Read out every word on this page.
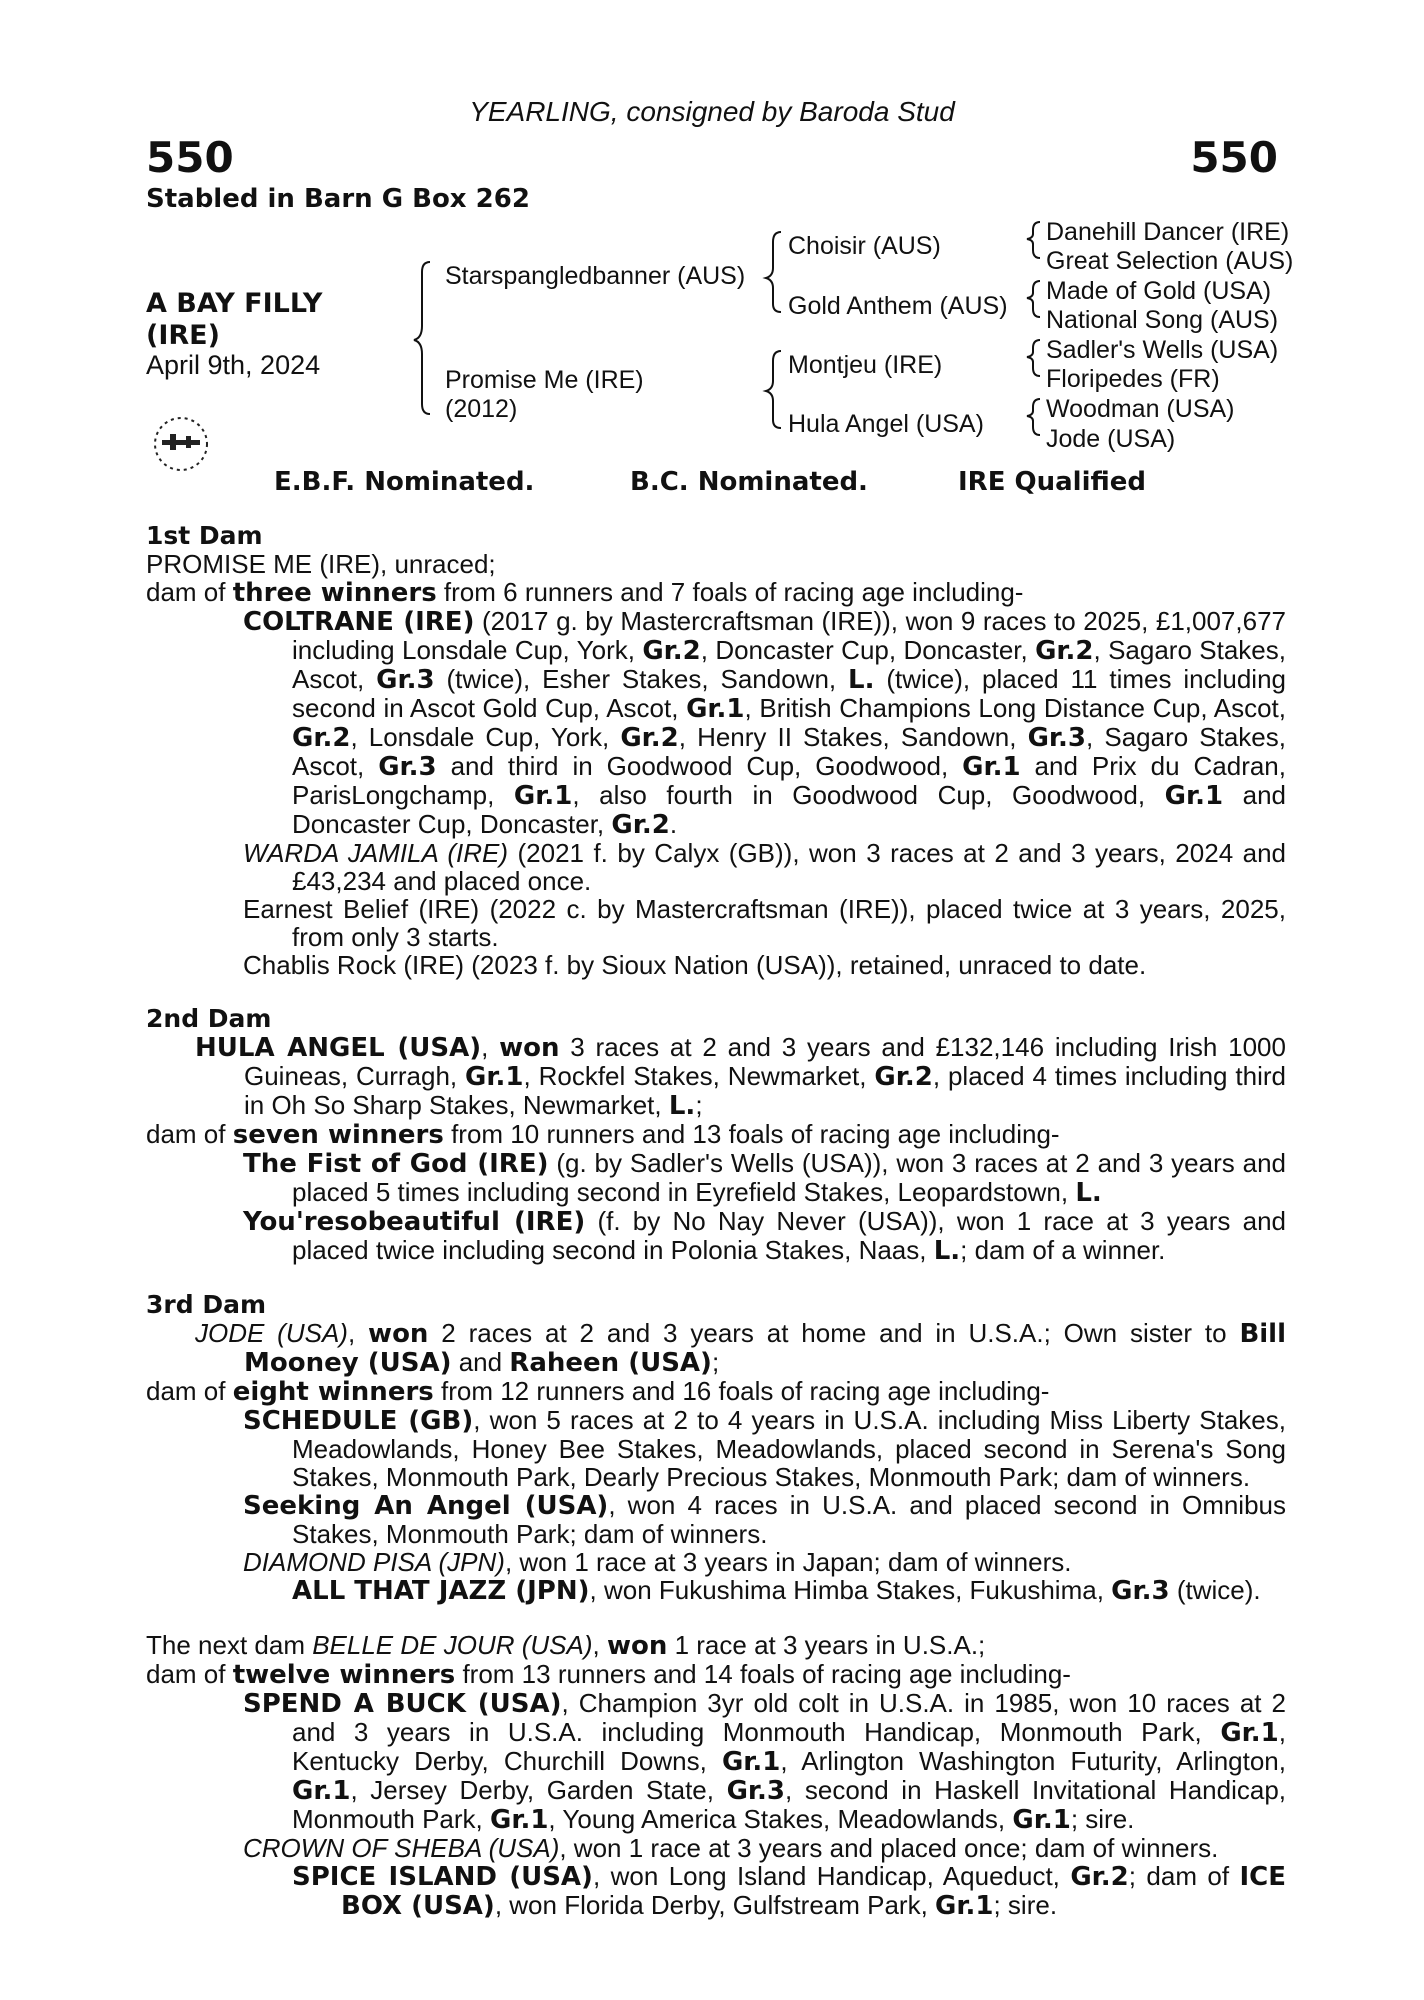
YEARLING, consigned by Baroda Stud
550	550
Stabled in Barn G Box 262
A BAY FILLY
(IRE)
April 9th, 2024
Starspangledbanner (AUS)
Promise Me (IRE)
(2012)
Choisir (AUS)
Gold Anthem (AUS)
Montjeu (IRE)
Hula Angel (USA)
Danehill Dancer (IRE)
Great Selection (AUS)
Made of Gold (USA)
National Song (AUS)
Sadler's Wells (USA)
Floripedes (FR)
Woodman (USA)
Jode (USA)
E.B.F. Nominated.	B.C. Nominated.	IRE Qualified

1st Dam

PROMISE ME (IRE), unraced;

dam of three winners from 6 runners and 7 foals of racing age including-

COLTRANE (IRE) (2017 g. by Mastercraftsman (IRE)), won 9 races to 2025, £1,007,677 including Lonsdale Cup, York, Gr.2, Doncaster Cup, Doncaster, Gr.2, Sagaro Stakes, Ascot, Gr.3 (twice), Esher Stakes, Sandown, L. (twice), placed 11 times including second in Ascot Gold Cup, Ascot, Gr.1, British Champions Long Distance Cup, Ascot, Gr.2, Lonsdale Cup, York, Gr.2, Henry II Stakes, Sandown, Gr.3, Sagaro Stakes, Ascot, Gr.3 and third in Goodwood Cup, Goodwood, Gr.1 and Prix du Cadran, ParisLongchamp, Gr.1, also fourth in Goodwood Cup, Goodwood, Gr.1 and Doncaster Cup, Doncaster, Gr.2.

WARDA JAMILA (IRE) (2021 f. by Calyx (GB)), won 3 races at 2 and 3 years, 2024 and £43,234 and placed once.

Earnest Belief (IRE) (2022 c. by Mastercraftsman (IRE)), placed twice at 3 years, 2025, from only 3 starts.

Chablis Rock (IRE) (2023 f. by Sioux Nation (USA)), retained, unraced to date.

2nd Dam

HULA ANGEL (USA), won 3 races at 2 and 3 years and £132,146 including Irish 1000 Guineas, Curragh, Gr.1, Rockfel Stakes, Newmarket, Gr.2, placed 4 times including third in Oh So Sharp Stakes, Newmarket, L.;

dam of seven winners from 10 runners and 13 foals of racing age including-

The Fist of God (IRE) (g. by Sadler's Wells (USA)), won 3 races at 2 and 3 years and placed 5 times including second in Eyrefield Stakes, Leopardstown, L.

You'resobeautiful (IRE) (f. by No Nay Never (USA)), won 1 race at 3 years and placed twice including second in Polonia Stakes, Naas, L.; dam of a winner.

3rd Dam

JODE (USA), won 2 races at 2 and 3 years at home and in U.S.A.; Own sister to Bill Mooney (USA) and Raheen (USA);

dam of eight winners from 12 runners and 16 foals of racing age including-

SCHEDULE (GB), won 5 races at 2 to 4 years in U.S.A. including Miss Liberty Stakes, Meadowlands, Honey Bee Stakes, Meadowlands, placed second in Serena's Song Stakes, Monmouth Park, Dearly Precious Stakes, Monmouth Park; dam of winners.

Seeking An Angel (USA), won 4 races in U.S.A. and placed second in Omnibus Stakes, Monmouth Park; dam of winners.

DIAMOND PISA (JPN), won 1 race at 3 years in Japan; dam of winners.

ALL THAT JAZZ (JPN), won Fukushima Himba Stakes, Fukushima, Gr.3 (twice).

The next dam BELLE DE JOUR (USA), won 1 race at 3 years in U.S.A.;

dam of twelve winners from 13 runners and 14 foals of racing age including-

SPEND A BUCK (USA), Champion 3yr old colt in U.S.A. in 1985, won 10 races at 2 and 3 years in U.S.A. including Monmouth Handicap, Monmouth Park, Gr.1, Kentucky Derby, Churchill Downs, Gr.1, Arlington Washington Futurity, Arlington, Gr.1, Jersey Derby, Garden State, Gr.3, second in Haskell Invitational Handicap, Monmouth Park, Gr.1, Young America Stakes, Meadowlands, Gr.1; sire.

CROWN OF SHEBA (USA), won 1 race at 3 years and placed once; dam of winners.

SPICE ISLAND (USA), won Long Island Handicap, Aqueduct, Gr.2; dam of ICE BOX (USA), won Florida Derby, Gulfstream Park, Gr.1; sire.
